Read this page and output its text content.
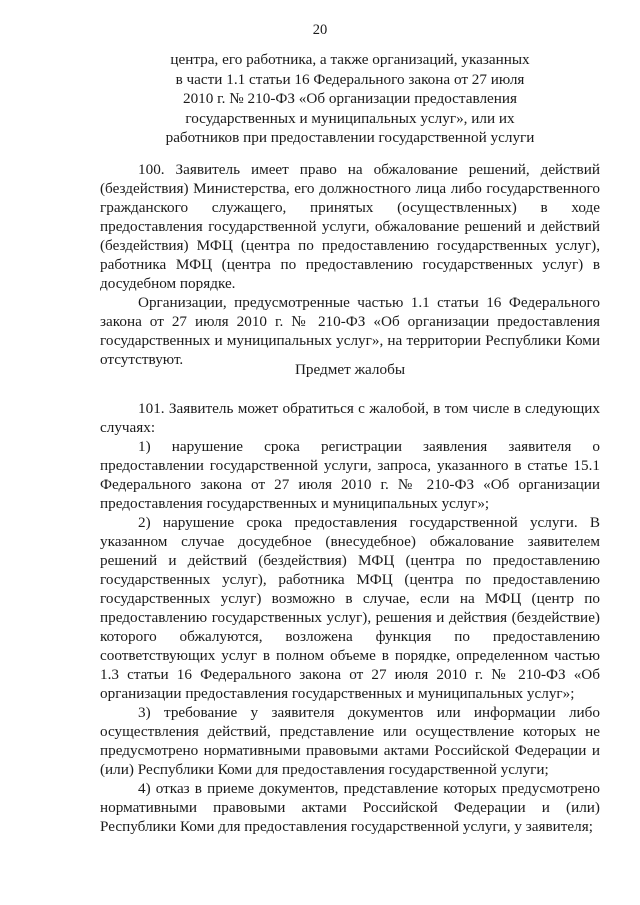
20
центра, его работника, а также организаций, указанных
в части 1.1 статьи 16 Федерального закона от 27 июля
2010 г. № 210-ФЗ «Об организации предоставления
государственных и муниципальных услуг», или их
работников при предоставлении государственной услуги

100. Заявитель имеет право на обжалование решений, действий (бездействия) Министерства, его должностного лица либо государственного гражданского служащего, принятых (осуществленных) в ходе предоставления государственной услуги, обжалование решений и действий (бездействия) МФЦ (центра по предоставлению государственных услуг), работника МФЦ (центра по предоставлению государственных услуг) в досудебном порядке.

Организации, предусмотренные частью 1.1 статьи 16 Федерального закона от 27 июля 2010 г. № 210-ФЗ «Об организации предоставления государственных и муниципальных услуг», на территории Республики Коми отсутствуют.

Предмет жалобы

101. Заявитель может обратиться с жалобой, в том числе в следующих случаях:

1) нарушение срока регистрации заявления заявителя о предоставлении государственной услуги, запроса, указанного в статье 15.1 Федерального закона от 27 июля 2010 г. № 210-ФЗ «Об организации предоставления государственных и муниципальных услуг»;

2) нарушение срока предоставления государственной услуги. В указанном случае досудебное (внесудебное) обжалование заявителем решений и действий (бездействия) МФЦ (центра по предоставлению государственных услуг), работника МФЦ (центра по предоставлению государственных услуг) возможно в случае, если на МФЦ (центр по предоставлению государственных услуг), решения и действия (бездействие) которого обжалуются, возложена функция по предоставлению соответствующих услуг в полном объеме в порядке, определенном частью 1.3 статьи 16 Федерального закона от 27 июля 2010 г. № 210-ФЗ «Об организации предоставления государственных и муниципальных услуг»;

3) требование у заявителя документов или информации либо осуществления действий, представление или осуществление которых не предусмотрено нормативными правовыми актами Российской Федерации и (или) Республики Коми для предоставления государственной услуги;

4) отказ в приеме документов, представление которых предусмотрено нормативными правовыми актами Российской Федерации и (или) Республики Коми для предоставления государственной услуги, у заявителя;
